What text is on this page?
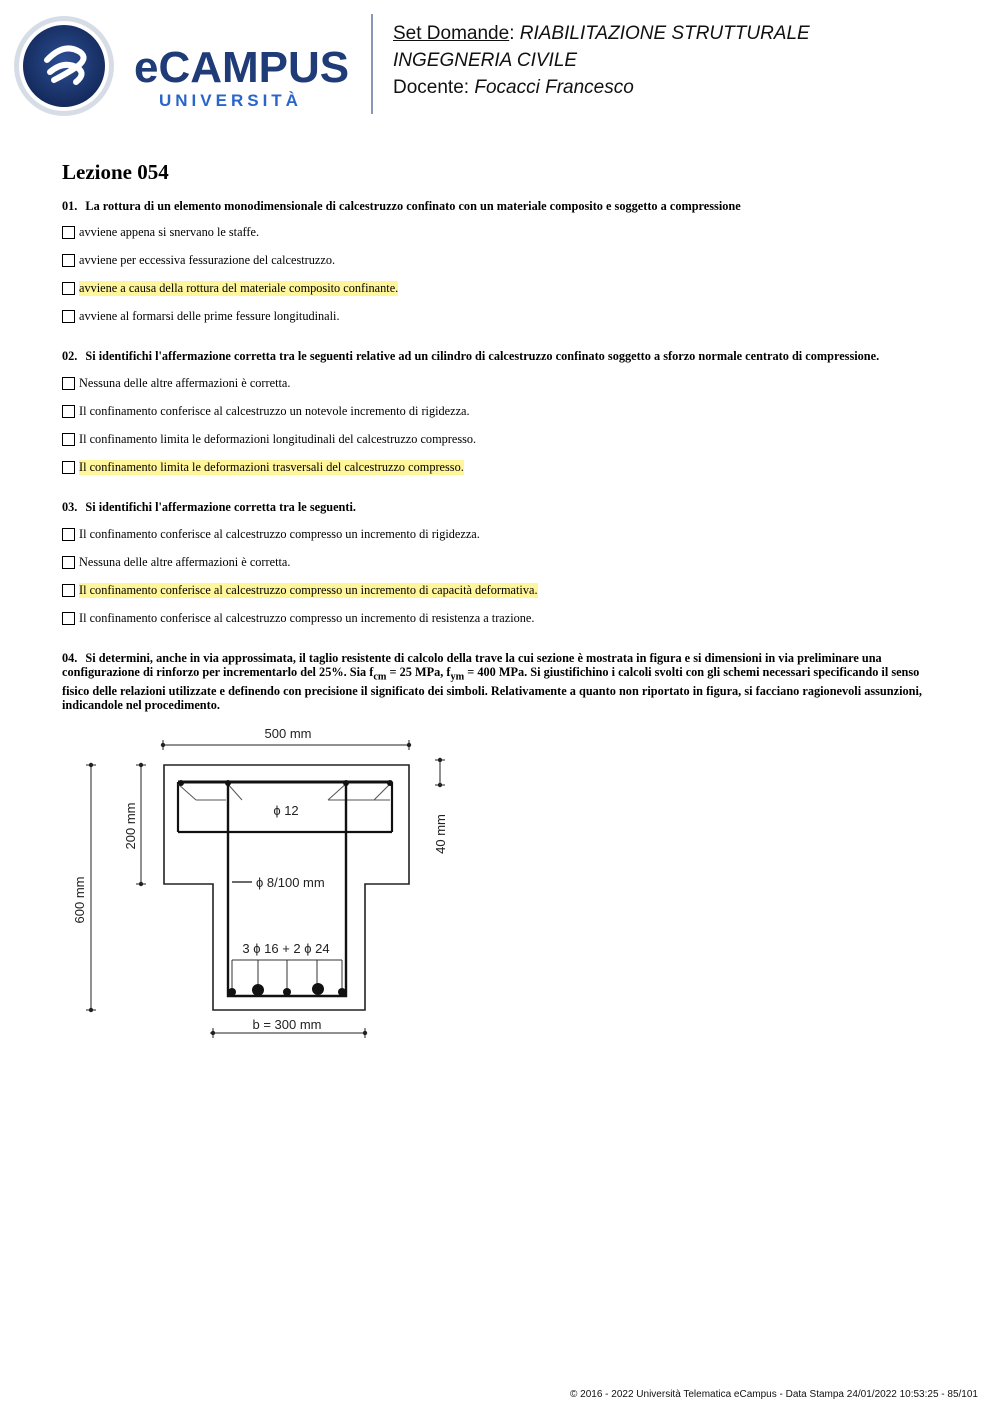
eCAMPUS
UNIVERSITÀ
Set Domande: RIABILITAZIONE STRUTTURALE
INGEGNERIA CIVILE
Docente: Focacci Francesco
Lezione 054
01. La rottura di un elemento monodimensionale di calcestruzzo confinato con un materiale composito e soggetto a compressione
avviene appena si snervano le staffe.
avviene per eccessiva fessurazione del calcestruzzo.
avviene a causa della rottura del materiale composito confinante.
avviene al formarsi delle prime fessure longitudinali.
02. Si identifichi l'affermazione corretta tra le seguenti relative ad un cilindro di calcestruzzo confinato soggetto a sforzo normale centrato di compressione.
Nessuna delle altre affermazioni è corretta.
Il confinamento conferisce al calcestruzzo un notevole incremento di rigidezza.
Il confinamento limita le deformazioni longitudinali del calcestruzzo compresso.
Il confinamento limita le deformazioni trasversali del calcestruzzo compresso.
03. Si identifichi l'affermazione corretta tra le seguenti.
Il confinamento conferisce al calcestruzzo compresso un incremento di rigidezza.
Nessuna delle altre affermazioni è corretta.
Il confinamento conferisce al calcestruzzo compresso un incremento di capacità deformativa.
Il confinamento conferisce al calcestruzzo compresso un incremento di resistenza a trazione.
04. Si determini, anche in via approssimata, il taglio resistente di calcolo della trave la cui sezione è mostrata in figura e si dimensioni in via preliminare una configurazione di rinforzo per incrementarlo del 25%. Sia $f_{cm} = 25$ MPa, $f_{ym} = 400$ MPa. Si giustifichino i calcoli svolti con gli schemi necessari specificando il senso fisico delle relazioni utilizzate e definendo con precisione il significato dei simboli. Relativamente a quanto non riportato in figura, si facciano ragionevoli assunzioni, indicandole nel procedimento.
500 mm
600 mm
200 mm	40 mm
ϕ 12
ϕ 8/100 mm
3 ϕ 16 + 2 ϕ 24
b = 300 mm
© 2016 - 2022 Università Telematica eCampus - Data Stampa 24/01/2022 10:53:25 - 85/101
